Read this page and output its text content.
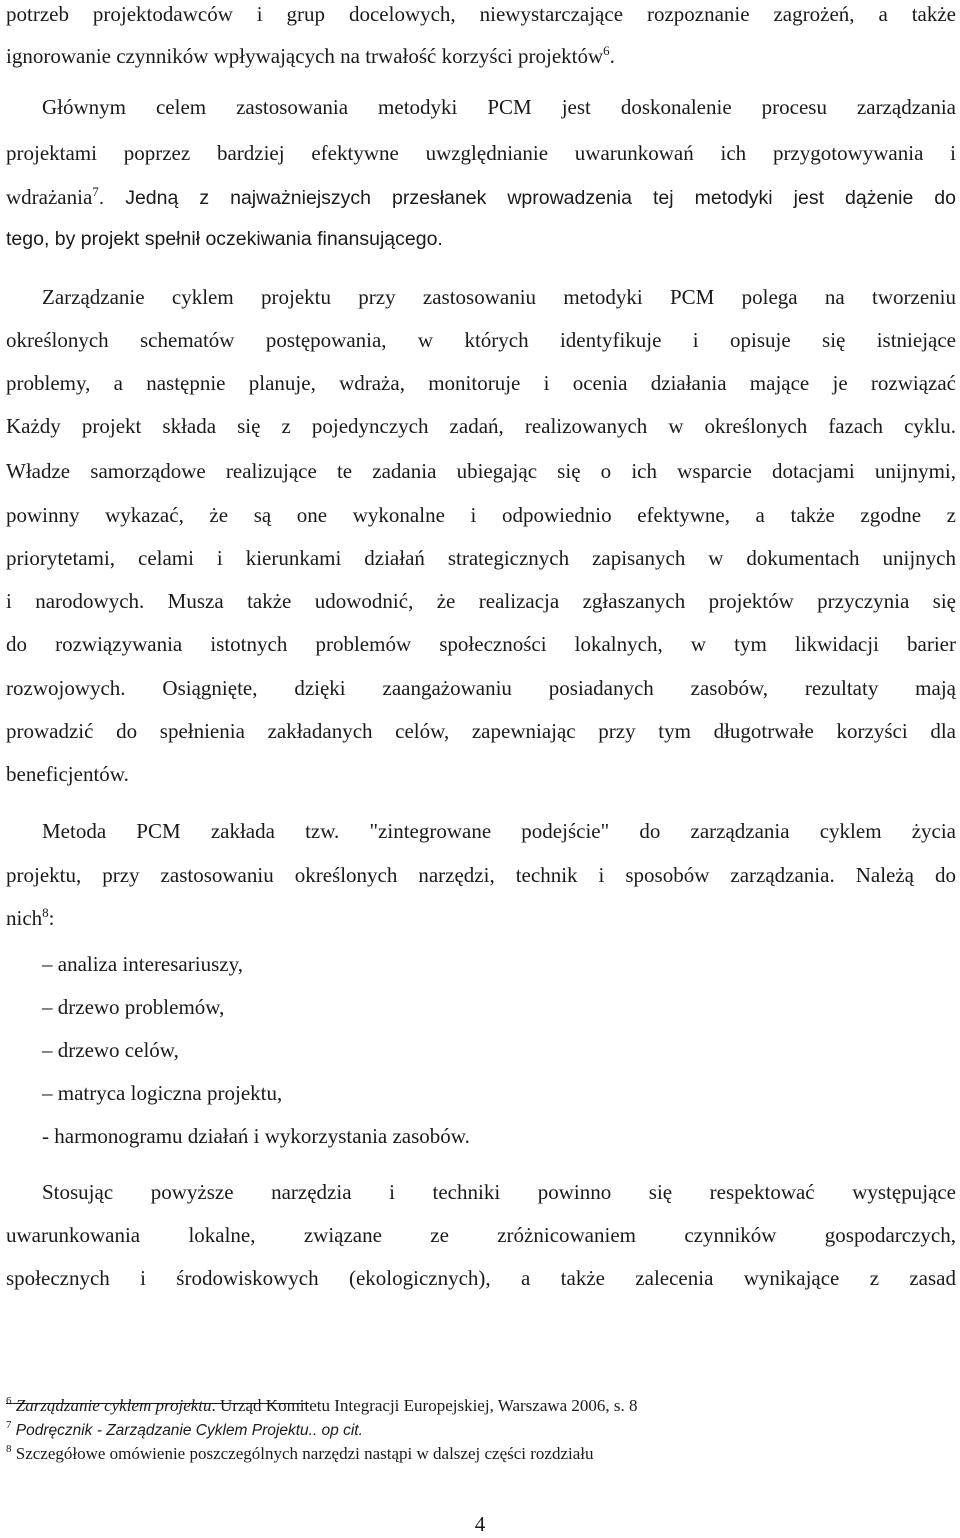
potrzeb projektodawców i grup docelowych, niewystarczające rozpoznanie zagrożeń, a także
ignorowanie czynników wpływających na trwałość korzyści projektów$^6$.
Głównym celem zastosowania metodyki PCM jest doskonalenie procesu zarządzania
projektami poprzez bardziej efektywne uwzględnianie uwarunkowań ich przygotowywania i
wdrażania$^7$. Jedną z najważniejszych przesłanek wprowadzenia tej metodyki jest dążenie do
tego, by projekt spełnił oczekiwania finansującego.
Zarządzanie cyklem projektu przy zastosowaniu metodyki PCM polega na tworzeniu
określonych schematów postępowania, w których identyfikuje i opisuje się istniejące
problemy, a następnie planuje, wdraża, monitoruje i ocenia działania mające je rozwiązać
Każdy projekt składa się z pojedynczych zadań, realizowanych w określonych fazach cyklu.
Władze samorządowe realizujące te zadania ubiegając się o ich wsparcie dotacjami unijnymi,
powinny wykazać, że są one wykonalne i odpowiednio efektywne, a także zgodne z
priorytetami, celami i kierunkami działań strategicznych zapisanych w dokumentach unijnych
i narodowych. Musza także udowodnić, że realizacja zgłaszanych projektów przyczynia się
do rozwiązywania istotnych problemów społeczności lokalnych, w tym likwidacji barier
rozwojowych. Osiągnięte, dzięki zaangażowaniu posiadanych zasobów, rezultaty mają
prowadzić do spełnienia zakładanych celów, zapewniając przy tym długotrwałe korzyści dla
beneficjentów.
Metoda PCM zakłada tzw. "zintegrowane podejście" do zarządzania cyklem życia
projektu, przy zastosowaniu określonych narzędzi, technik i sposobów zarządzania. Należą do
nich$^8$:
– analiza interesariuszy,
– drzewo problemów,
– drzewo celów,
– matryca logiczna projektu,
- harmonogramu działań i wykorzystania zasobów.
Stosując powyższe narzędzia i techniki powinno się respektować występujące
uwarunkowania lokalne, związane ze zróżnicowaniem czynników gospodarczych,
społecznych i środowiskowych (ekologicznych), a także zalecenia wynikające z zasad
$^6$ Zarządzanie cyklem projektu. Urząd Komitetu Integracji Europejskiej, Warszawa 2006, s. 8
$^7$ Podręcznik - Zarządzanie Cyklem Projektu.. op cit.
$^8$ Szczegółowe omówienie poszczególnych narzędzi nastąpi w dalszej części rozdziału
4
